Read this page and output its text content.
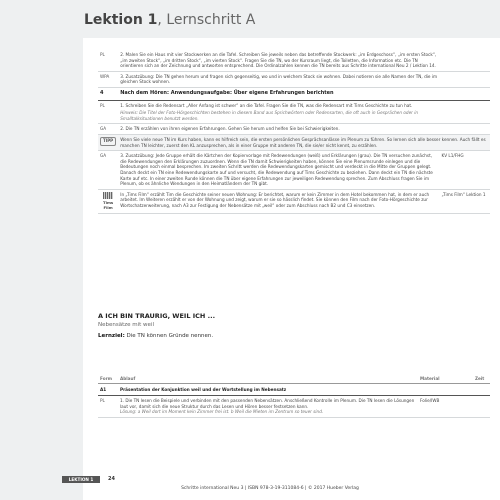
Lektion 1, Lernschritt A
PL	2. Malen Sie ein Haus mit vier Stockwerken an die Tafel. Schreiben Sie jeweils neben das betreffende Stockwerk: „im Erdgeschoss“, „im ersten Stock“, „im zweiten Stock“, „im dritten Stock“, „im vierten Stock“. Fragen Sie die TN, wo der Kursraum liegt, die Toiletten, die Information etc. Die TN orientieren sich an der Zeichnung und antworten entsprechend. Die Ordinalzahlen kennen die TN bereits aus Schritte international Neu 2 / Lektion 14.	
WPA	3. Zusatzübung: Die TN gehen herum und fragen sich gegenseitig, wo und in welchem Stock sie wohnen. Dabei notieren sie alle Namen der TN, die im gleichen Stock wohnen.	
4	Nach dem Hören: Anwendungsaufgabe: Über eigene Erfahrungen berichten	
PL	1. Schreiben Sie die Redensart „Aller Anfang ist schwer“ an die Tafel. Fragen Sie die TN, was die Redensart mit Tims Geschichte zu tun hat.
Hinweis: Die Titel der Foto-Hörgeschichten bestehen in diesem Band aus Sprichwörtern oder Redensarten, die oft auch in Gesprächen oder in Smalltalksituationen benutzt werden.	

GA	2. Die TN erzählen von ihren eigenen Erfahrungen. Gehen Sie herum und helfen Sie bei Schwierigkeiten.	
TIPP	Wenn Sie viele neue TN im Kurs haben, kann es hilfreich sein, die ersten persönlichen Gesprächsanlässe im Plenum zu führen. So lernen sich alle besser kennen. Auch fällt es manchen TN leichter, zuerst den KL anzusprechen, als in einer Gruppe mit anderen TN, die sie/er nicht kennt, zu erzählen.	
GA	3. Zusatzübung: Jede Gruppe erhält die Kärtchen der Kopiervorlage mit Redewendungen (weiß) und Erklärungen (grau). Die TN versuchen zunächst, die Redewendungen den Erklärungen zuzuordnen. Wenn die TN damit Schwierigkeiten haben, können Sie eine Plenumsrunde einlegen und die Bedeutungen noch einmal besprechen. Im zweiten Schritt werden die Redewendungskarten gemischt und verdeckt in die Mitte der Gruppen gelegt. Danach deckt ein TN eine Redewendungskarte auf und versucht, die Redewendung auf Tims Geschichte zu beziehen. Dann deckt ein TN die nächste Karte auf etc. In einer zweiten Runde können die TN über eigene Erfahrungen zur jeweiligen Redewendung sprechen. Zum Abschluss fragen Sie im Plenum, ob es ähnliche Wendungen in den Heimatländern der TN gibt.	KV L1/FHG

Tims Film	In „Tims Film“ erzählt Tim die Geschichte seiner neuen Wohnung: Er berichtet, warum er kein Zimmer in dem Hotel bekommen hat, in dem er auch arbeitet. Im Weiteren erzählt er von der Wohnung und zeigt, warum er sie so hässlich findet. Sie können den Film nach der Foto-Hörgeschichte zur Wortschatzerweiterung, nach A3 zur Festigung der Nebensätze mit „weil“ oder zum Abschluss nach B2 und C3 einsetzen.	„Tims Film“ Lektion 1
A ICH BIN TRAURIG, WEIL ICH ...
Nebensätze mit weil
Lernziel: Die TN können Gründe nennen.
Form	Ablauf	Material	Zeit
A1	Präsentation der Konjunktion weil und der Wortstellung im Nebensatz		
PL	1. Die TN lesen die Beispiele und verbinden mit den passenden Nebensätzen. Anschließend Kontrolle im Plenum. Die TN lesen die Lösungen laut vor, damit sich die neue Struktur durch das Lesen und Hören besser festsetzen kann.
Lösung: a Weil dort im Moment kein Zimmer frei ist. b Weil die Mieten im Zentrum so teuer sind.	Folie/IWB	
LEKTION 1	24
Schritte international Neu 3 | ISBN 978-3-19-311084-6 | © 2017 Hueber Verlag
